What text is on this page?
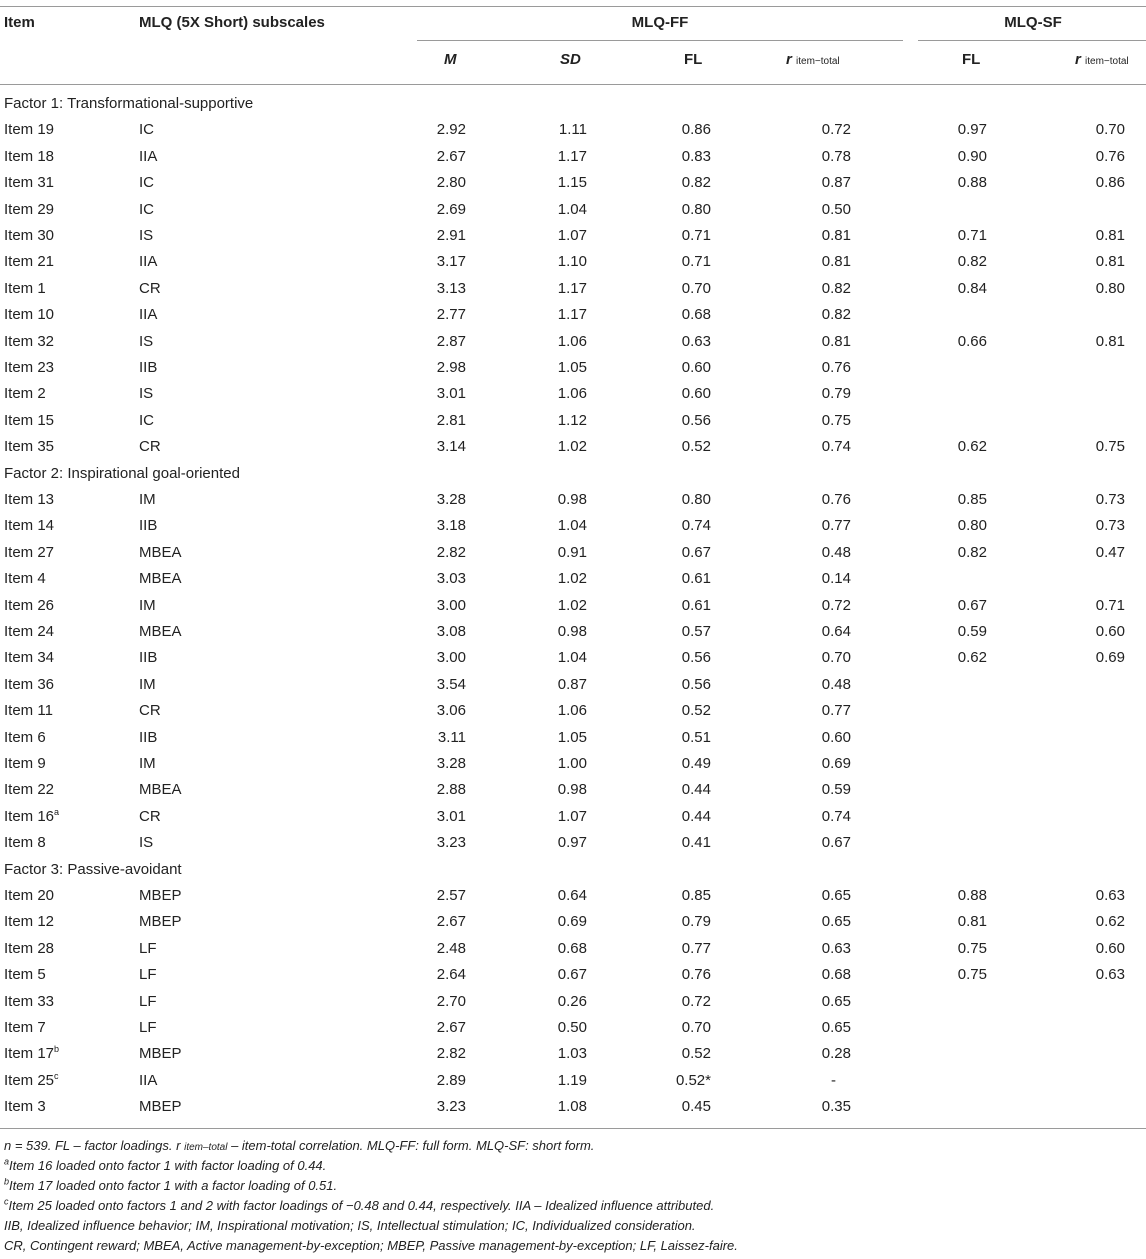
Item	MLQ (5X Short) subscales	MLQ-FF	MLQ-SF
M	SD	FL	r item−total	FL	r item−total
Factor 1: Transformational-supportive
Item 19	IC	2.92	1.11	0.86	0.72	0.97	0.70
Item 18	IIA	2.67	1.17	0.83	0.78	0.90	0.76
Item 31	IC	2.80	1.15	0.82	0.87	0.88	0.86
Item 29	IC	2.69	1.04	0.80	0.50
Item 30	IS	2.91	1.07	0.71	0.81	0.71	0.81
Item 21	IIA	3.17	1.10	0.71	0.81	0.82	0.81
Item 1	CR	3.13	1.17	0.70	0.82	0.84	0.80
Item 10	IIA	2.77	1.17	0.68	0.82
Item 32	IS	2.87	1.06	0.63	0.81	0.66	0.81
Item 23	IIB	2.98	1.05	0.60	0.76
Item 2	IS	3.01	1.06	0.60	0.79
Item 15	IC	2.81	1.12	0.56	0.75
Item 35	CR	3.14	1.02	0.52	0.74	0.62	0.75
Factor 2: Inspirational goal-oriented
Item 13	IM	3.28	0.98	0.80	0.76	0.85	0.73
Item 14	IIB	3.18	1.04	0.74	0.77	0.80	0.73
Item 27	MBEA	2.82	0.91	0.67	0.48	0.82	0.47
Item 4	MBEA	3.03	1.02	0.61	0.14
Item 26	IM	3.00	1.02	0.61	0.72	0.67	0.71
Item 24	MBEA	3.08	0.98	0.57	0.64	0.59	0.60
Item 34	IIB	3.00	1.04	0.56	0.70	0.62	0.69
Item 36	IM	3.54	0.87	0.56	0.48
Item 11	CR	3.06	1.06	0.52	0.77
Item 6	IIB	3.11	1.05	0.51	0.60
Item 9	IM	3.28	1.00	0.49	0.69
Item 22	MBEA	2.88	0.98	0.44	0.59
Item 16$^a$	CR	3.01	1.07	0.44	0.74
Item 8	IS	3.23	0.97	0.41	0.67
Factor 3: Passive-avoidant
Item 20	MBEP	2.57	0.64	0.85	0.65	0.88	0.63
Item 12	MBEP	2.67	0.69	0.79	0.65	0.81	0.62
Item 28	LF	2.48	0.68	0.77	0.63	0.75	0.60
Item 5	LF	2.64	0.67	0.76	0.68	0.75	0.63
Item 33	LF	2.70	0.26	0.72	0.65
Item 7	LF	2.67	0.50	0.70	0.65
Item 17$^b$	MBEP	2.82	1.03	0.52	0.28
Item 25$^c$	IIA	2.89	1.19	0.52*	-
Item 3	MBEP	3.23	1.08	0.45	0.35
n = 539. FL – factor loadings. r item–total – item-total correlation. MLQ-FF: full form. MLQ-SF: short form.
$^a$Item 16 loaded onto factor 1 with factor loading of 0.44.
$^b$Item 17 loaded onto factor 1 with a factor loading of 0.51.
$^c$Item 25 loaded onto factors 1 and 2 with factor loadings of −0.48 and 0.44, respectively. IIA – Idealized influence attributed.
IIB, Idealized influence behavior; IM, Inspirational motivation; IS, Intellectual stimulation; IC, Individualized consideration.
CR, Contingent reward; MBEA, Active management-by-exception; MBEP, Passive management-by-exception; LF, Laissez-faire.
